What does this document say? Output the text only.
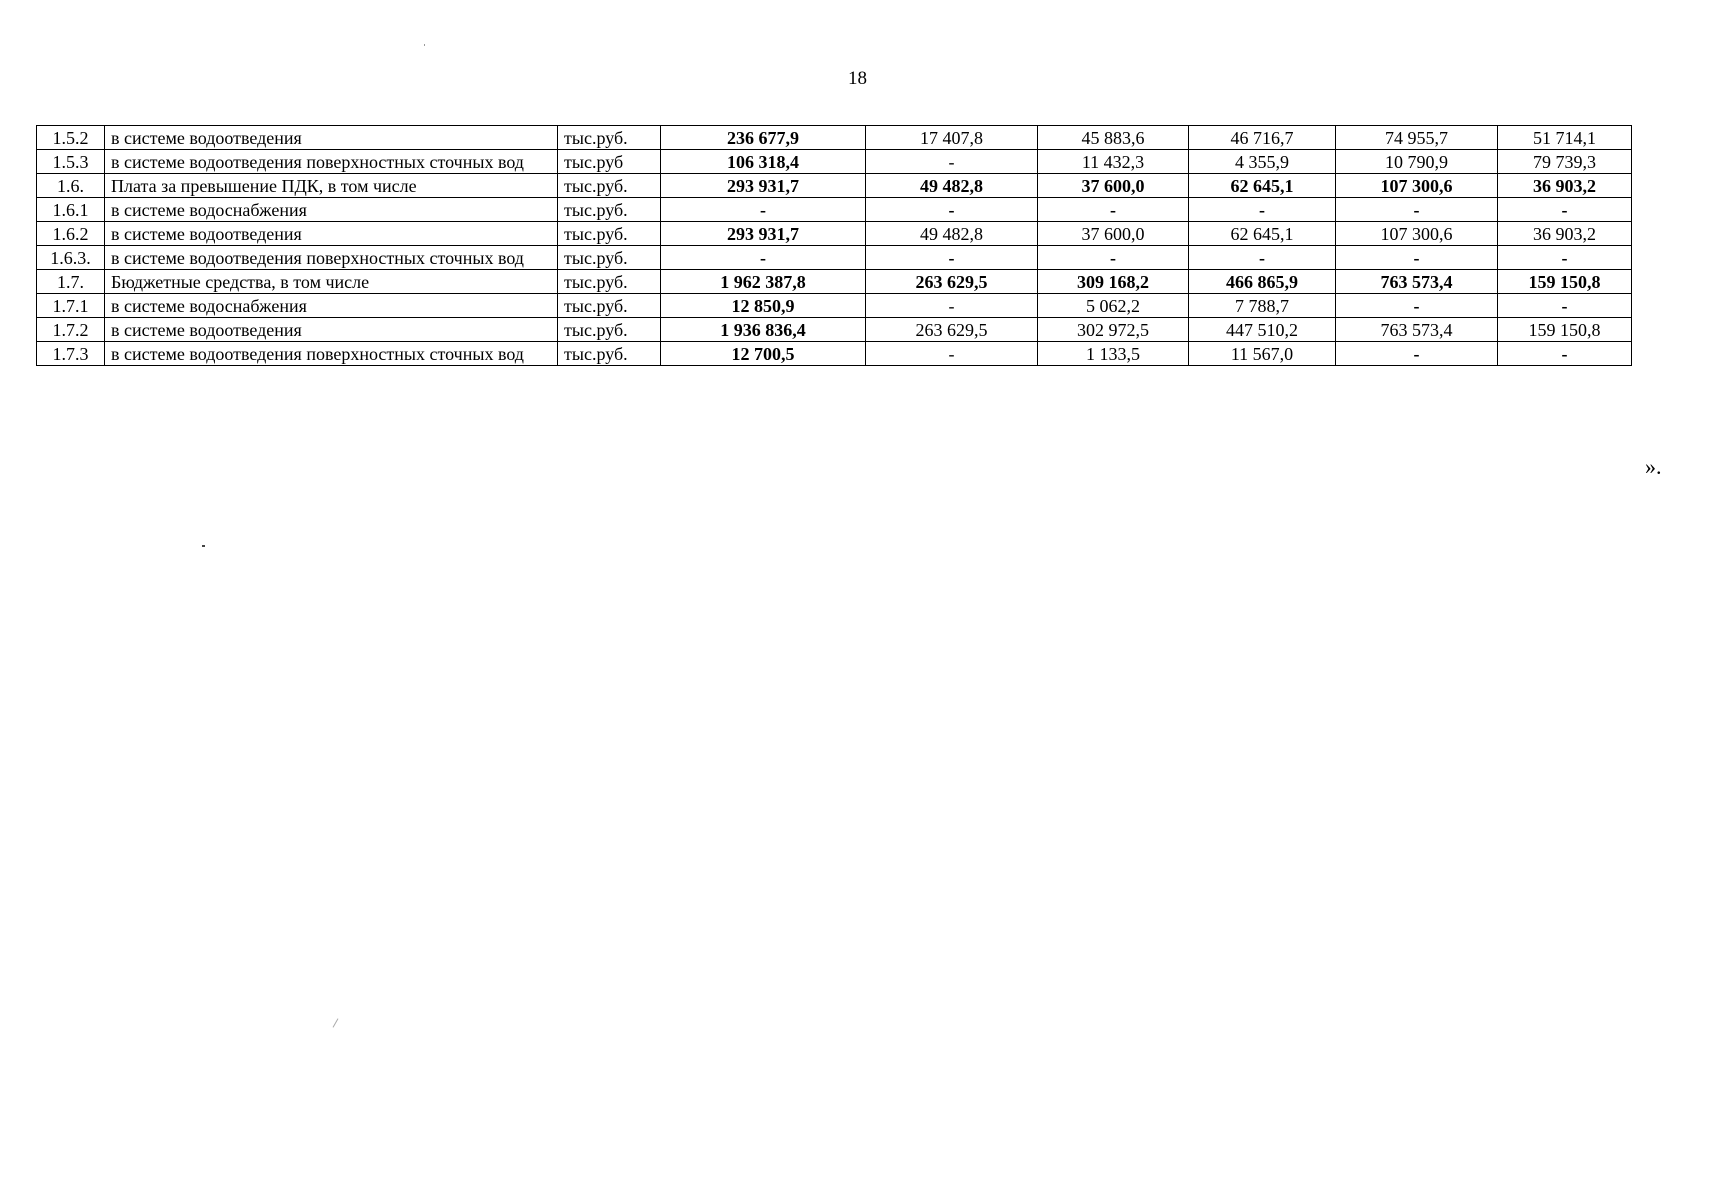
18
1.5.2	в системе водоотведения	тыс.руб.	236 677,9	17 407,8	45 883,6	46 716,7	74 955,7	51 714,1
1.5.3	в системе водоотведения поверхностных сточных вод	тыс.руб	106 318,4	-	11 432,3	4 355,9	10 790,9	79 739,3
1.6.	Плата за превышение ПДК, в том числе	тыс.руб.	293 931,7	49 482,8	37 600,0	62 645,1	107 300,6	36 903,2
1.6.1	в системе водоснабжения	тыс.руб.	-	-	-	-	-	-
1.6.2	в системе водоотведения	тыс.руб.	293 931,7	49 482,8	37 600,0	62 645,1	107 300,6	36 903,2
1.6.3.	в системе водоотведения поверхностных сточных вод	тыс.руб.	-	-	-	-	-	-
1.7.	Бюджетные средства, в том числе	тыс.руб.	1 962 387,8	263 629,5	309 168,2	466 865,9	763 573,4	159 150,8
1.7.1	в системе водоснабжения	тыс.руб.	12 850,9	-	5 062,2	7 788,7	-	-
1.7.2	в системе водоотведения	тыс.руб.	1 936 836,4	263 629,5	302 972,5	447 510,2	763 573,4	159 150,8
1.7.3	в системе водоотведения поверхностных сточных вод	тыс.руб.	12 700,5	-	1 133,5	11 567,0	-	-
».
